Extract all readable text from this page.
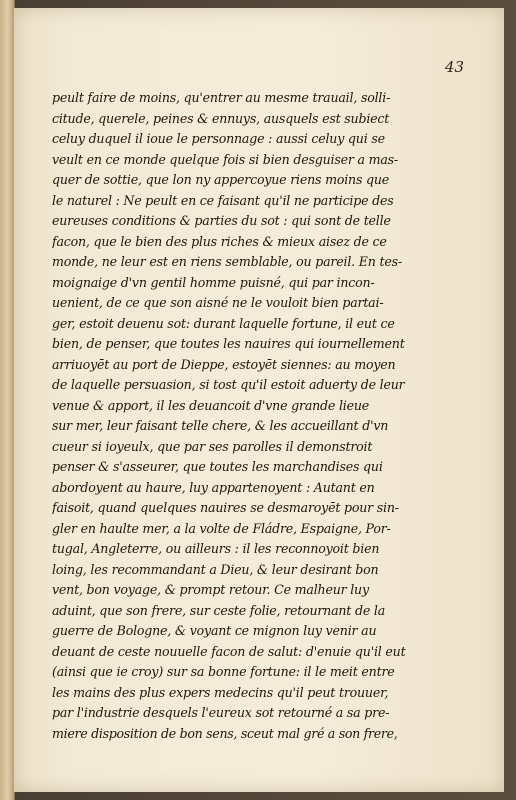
43
peult faire de moins, qu'entrer au mesme trauail, solli-
citude, querele, peines & ennuys, ausquels est subiect
celuy duquel il ioue le personnage : aussi celuy qui se
veult en ce monde quelque fois si bien desguiser a mas-
quer de sottie, que lon ny appercoyue riens moins que
le naturel : Ne peult en ce faisant qu'il ne participe des
eureuses conditions & parties du sot : qui sont de telle
facon, que le bien des plus riches & mieux aisez de ce
monde, ne leur est en riens semblable, ou pareil. En tes-
moignaige d'vn gentil homme puisné, qui par incon-
uenient, de ce que son aisné ne le vouloit bien partai-
ger, estoit deuenu sot: durant laquelle fortune, il eut ce
bien, de penser, que toutes les nauires qui iournellement
arriuoyēt au port de Dieppe, estoyēt siennes: au moyen
de laquelle persuasion, si tost qu'il estoit aduerty de leur
venue & apport, il les deuancoit d'vne grande lieue
sur mer, leur faisant telle chere, & les accueillant d'vn
cueur si ioyeulx, que par ses parolles il demonstroit
penser & s'asseurer, que toutes les marchandises qui
abordoyent au haure, luy appartenoyent : Autant en
faisoit, quand quelques nauires se desmaroyēt pour sin-
gler en haulte mer, a la volte de Fládre, Espaigne, Por-
tugal, Angleterre, ou ailleurs : il les reconnoyoit bien
loing, les recommandant a Dieu, & leur desirant bon
vent, bon voyage, & prompt retour. Ce malheur luy
aduint, que son frere, sur ceste folie, retournant de la
guerre de Bologne, & voyant ce mignon luy venir au
deuant de ceste nouuelle facon de salut: d'enuie qu'il eut
(ainsi que ie croy) sur sa bonne fortune: il le meit entre
les mains des plus expers medecins qu'il peut trouuer,
par l'industrie desquels l'eureux sot retourné a sa pre-
miere disposition de bon sens, sceut mal gré a son frere,
